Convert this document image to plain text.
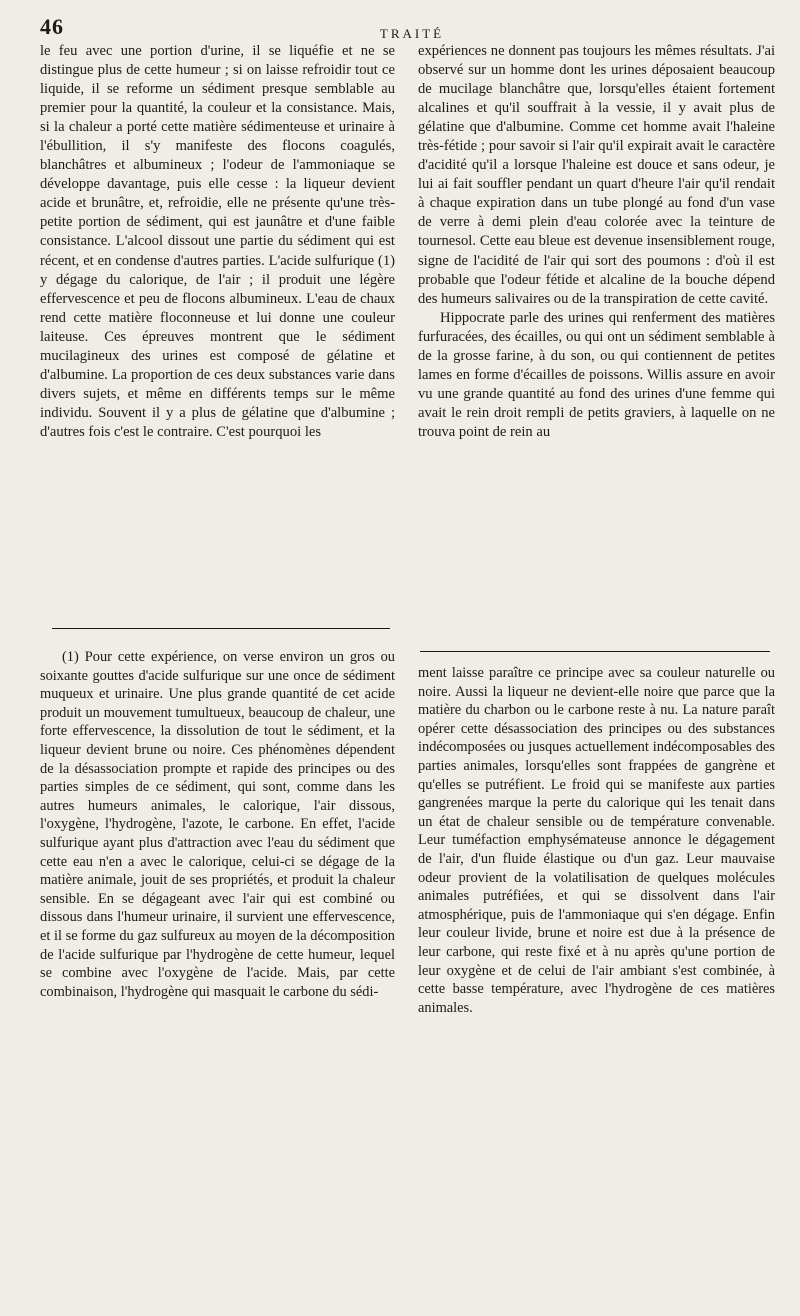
46	TRAITÉ

le feu avec une portion d'urine, il se liquéfie et ne se distingue plus de cette humeur ; si on laisse refroidir tout ce liquide, il se reforme un sédiment presque semblable au premier pour la quantité, la couleur et la consistance. Mais, si la chaleur a porté cette matière sédimenteuse et urinaire à l'ébullition, il s'y manifeste des flocons coagulés, blanchâtres et albumineux ; l'odeur de l'ammoniaque se développe davantage, puis elle cesse : la liqueur devient acide et brunâtre, et, refroidie, elle ne présente qu'une très-petite portion de sédiment, qui est jaunâtre et d'une faible consistance. L'alcool dissout une partie du sédiment qui est récent, et en condense d'autres parties. L'acide sulfurique (1) y dégage du calorique, de l'air ; il produit une légère effervescence et peu de flocons albumineux. L'eau de chaux rend cette matière floconneuse et lui donne une couleur laiteuse. Ces épreuves montrent que le sédiment mucilagineux des urines est composé de gélatine et d'albumine. La proportion de ces deux substances varie dans divers sujets, et même en différents temps sur le même individu. Souvent il y a plus de gélatine que d'albumine ; d'autres fois c'est le contraire. C'est pourquoi les

expériences ne donnent pas toujours les mêmes résultats. J'ai observé sur un homme dont les urines déposaient beaucoup de mucilage blanchâtre que, lorsqu'elles étaient fortement alcalines et qu'il souffrait à la vessie, il y avait plus de gélatine que d'albumine. Comme cet homme avait l'haleine très-fétide ; pour savoir si l'air qu'il expirait avait le caractère d'acidité qu'il a lorsque l'haleine est douce et sans odeur, je lui ai fait souffler pendant un quart d'heure l'air qu'il rendait à chaque expiration dans un tube plongé au fond d'un vase de verre à demi plein d'eau colorée avec la teinture de tournesol. Cette eau bleue est devenue insensiblement rouge, signe de l'acidité de l'air qui sort des poumons : d'où il est probable que l'odeur fétide et alcaline de la bouche dépend des humeurs salivaires ou de la transpiration de cette cavité.

Hippocrate parle des urines qui renferment des matières furfuracées, des écailles, ou qui ont un sédiment semblable à de la grosse farine, à du son, ou qui contiennent de petites lames en forme d'écailles de poissons. Willis assure en avoir vu une grande quantité au fond des urines d'une femme qui avait le rein droit rempli de petits graviers, à laquelle on ne trouva point de rein au

(1) Pour cette expérience, on verse environ un gros ou soixante gouttes d'acide sulfurique sur une once de sédiment muqueux et urinaire. Une plus grande quantité de cet acide produit un mouvement tumultueux, beaucoup de chaleur, une forte effervescence, la dissolution de tout le sédiment, et la liqueur devient brune ou noire. Ces phénomènes dépendent de la désassociation prompte et rapide des principes ou des parties simples de ce sédiment, qui sont, comme dans les autres humeurs animales, le calorique, l'air dissous, l'oxygène, l'hydrogène, l'azote, le carbone. En effet, l'acide sulfurique ayant plus d'attraction avec l'eau du sédiment que cette eau n'en a avec le calorique, celui-ci se dégage de la matière animale, jouit de ses propriétés, et produit la chaleur sensible. En se dégageant avec l'air qui est combiné ou dissous dans l'humeur urinaire, il survient une effervescence, et il se forme du gaz sulfureux au moyen de la décomposition de l'acide sulfurique par l'hydrogène de cette humeur, lequel se combine avec l'oxygène de l'acide. Mais, par cette combinaison, l'hydrogène qui masquait le carbone du sédi-

ment laisse paraître ce principe avec sa couleur naturelle ou noire. Aussi la liqueur ne devient-elle noire que parce que la matière du charbon ou le carbone reste à nu. La nature paraît opérer cette désassociation des principes ou des substances indécomposées ou jusques actuellement indécomposables des parties animales, lorsqu'elles sont frappées de gangrène et qu'elles se putréfient. Le froid qui se manifeste aux parties gangrenées marque la perte du calorique qui les tenait dans un état de chaleur sensible ou de température convenable. Leur tuméfaction emphysémateuse annonce le dégagement de l'air, d'un fluide élastique ou d'un gaz. Leur mauvaise odeur provient de la volatilisation de quelques molécules animales putréfiées, et qui se dissolvent dans l'air atmosphérique, puis de l'ammoniaque qui s'en dégage. Enfin leur couleur livide, brune et noire est due à la présence de leur carbone, qui reste fixé et à nu après qu'une portion de leur oxygène et de celui de l'air ambiant s'est combinée, à cette basse température, avec l'hydrogène de ces matières animales.
